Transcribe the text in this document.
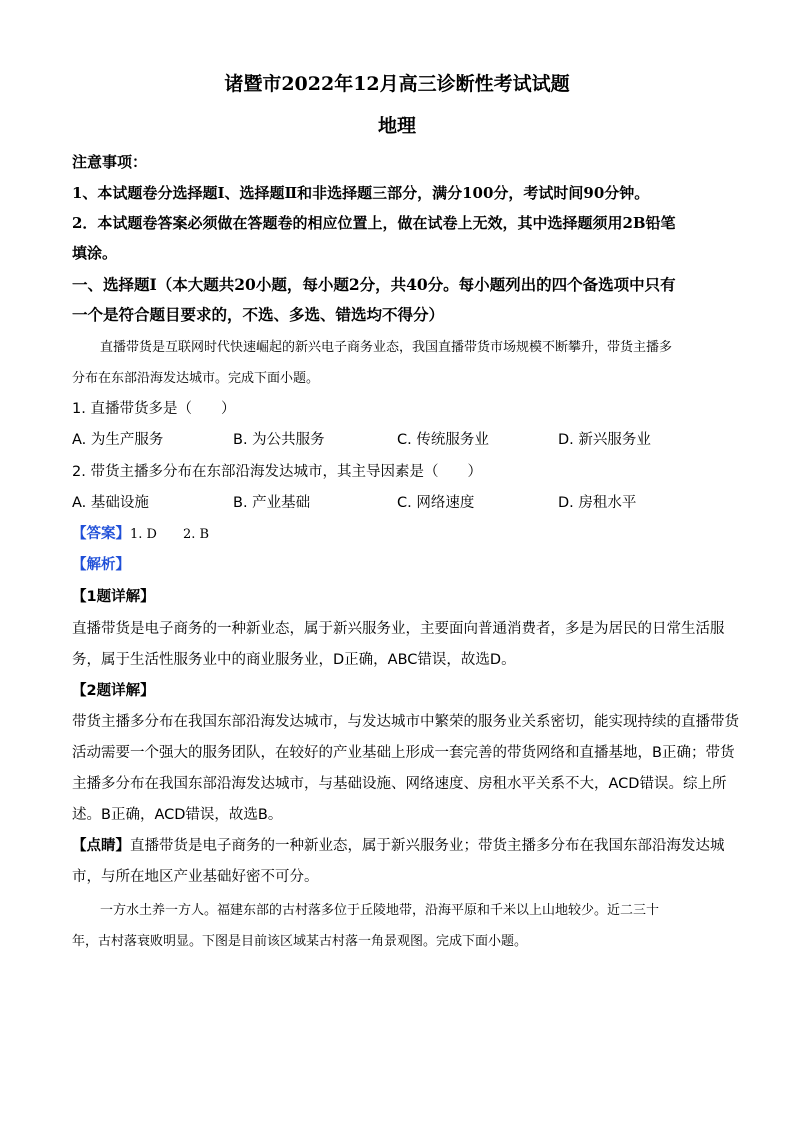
诸暨市2022年12月高三诊断性考试试题
地理
注意事项：
1、本试题卷分选择题Ⅰ、选择题Ⅱ和非选择题三部分，满分100分，考试时间90分钟。
2．本试题卷答案必须做在答题卷的相应位置上，做在试卷上无效，其中选择题须用2B铅笔
填涂。
一、选择题Ⅰ（本大题共20小题，每小题2分，共40分。每小题列出的四个备选项中只有
一个是符合题目要求的，不选、多选、错选均不得分）
直播带货是互联网时代快速崛起的新兴电子商务业态，我国直播带货市场规模不断攀升，带货主播多
分布在东部沿海发达城市。完成下面小题。
1. 直播带货多是（　　）
A. 为生产服务	B. 为公共服务	C. 传统服务业	D. 新兴服务业
2. 带货主播多分布在东部沿海发达城市，其主导因素是（　　）
A. 基础设施	B. 产业基础	C. 网络速度	D. 房租水平
【答案】1. D　　2. B
【解析】
【1题详解】
直播带货是电子商务的一种新业态，属于新兴服务业，主要面向普通消费者，多是为居民的日常生活服
务，属于生活性服务业中的商业服务业，D正确，ABC错误，故选D。
【2题详解】
带货主播多分布在我国东部沿海发达城市，与发达城市中繁荣的服务业关系密切，能实现持续的直播带货
活动需要一个强大的服务团队，在较好的产业基础上形成一套完善的带货网络和直播基地，B正确；带货
主播多分布在我国东部沿海发达城市，与基础设施、网络速度、房租水平关系不大，ACD错误。综上所
述。B正确，ACD错误，故选B。
【点睛】直播带货是电子商务的一种新业态，属于新兴服务业；带货主播多分布在我国东部沿海发达城
市，与所在地区产业基础好密不可分。
一方水土养一方人。福建东部的古村落多位于丘陵地带，沿海平原和千米以上山地较少。近二三十
年，古村落衰败明显。下图是目前该区域某古村落一角景观图。完成下面小题。
